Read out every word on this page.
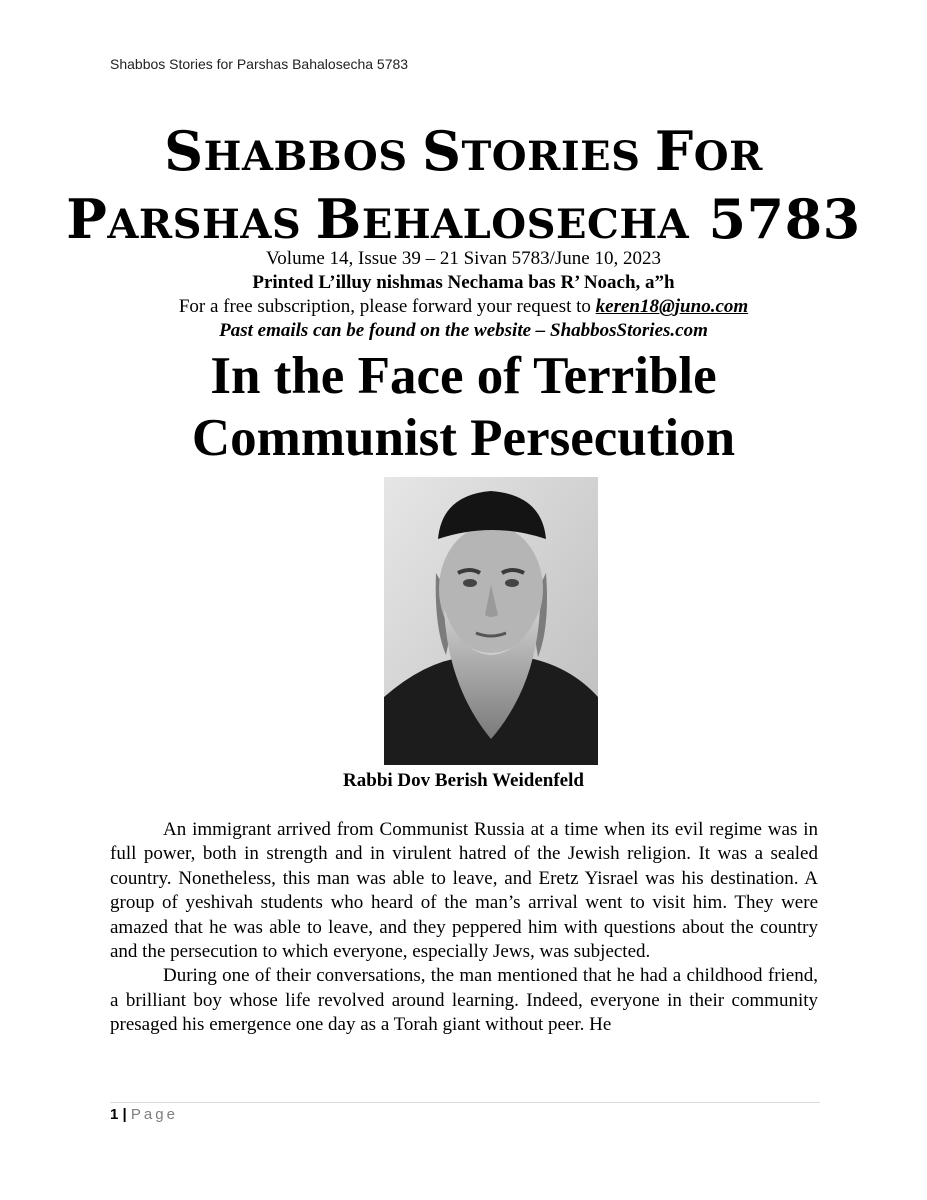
Shabbos Stories for Parshas Bahalosecha 5783
SHABBOS STORIES FOR
PARSHAS BEHALOSECHA 5783
Volume 14, Issue 39 – 21 Sivan 5783/June 10, 2023
Printed L’illuy nishmas Nechama bas R’ Noach, a”h
For a free subscription, please forward your request to keren18@juno.com
Past emails can be found on the website – ShabbosStories.com
In the Face of Terrible
Communist Persecution
Rabbi Dov Berish Weidenfeld

An immigrant arrived from Communist Russia at a time when its evil regime was in full power, both in strength and in virulent hatred of the Jewish religion. It was a sealed country. Nonetheless, this man was able to leave, and Eretz Yisrael was his destination. A group of yeshivah students who heard of the man’s arrival went to visit him. They were amazed that he was able to leave, and they peppered him with questions about the country and the persecution to which everyone, especially Jews, was subjected.

During one of their conversations, the man mentioned that he had a childhood friend, a brilliant boy whose life revolved around learning. Indeed, everyone in their community presaged his emergence one day as a Torah giant without peer. He

1 | Page
